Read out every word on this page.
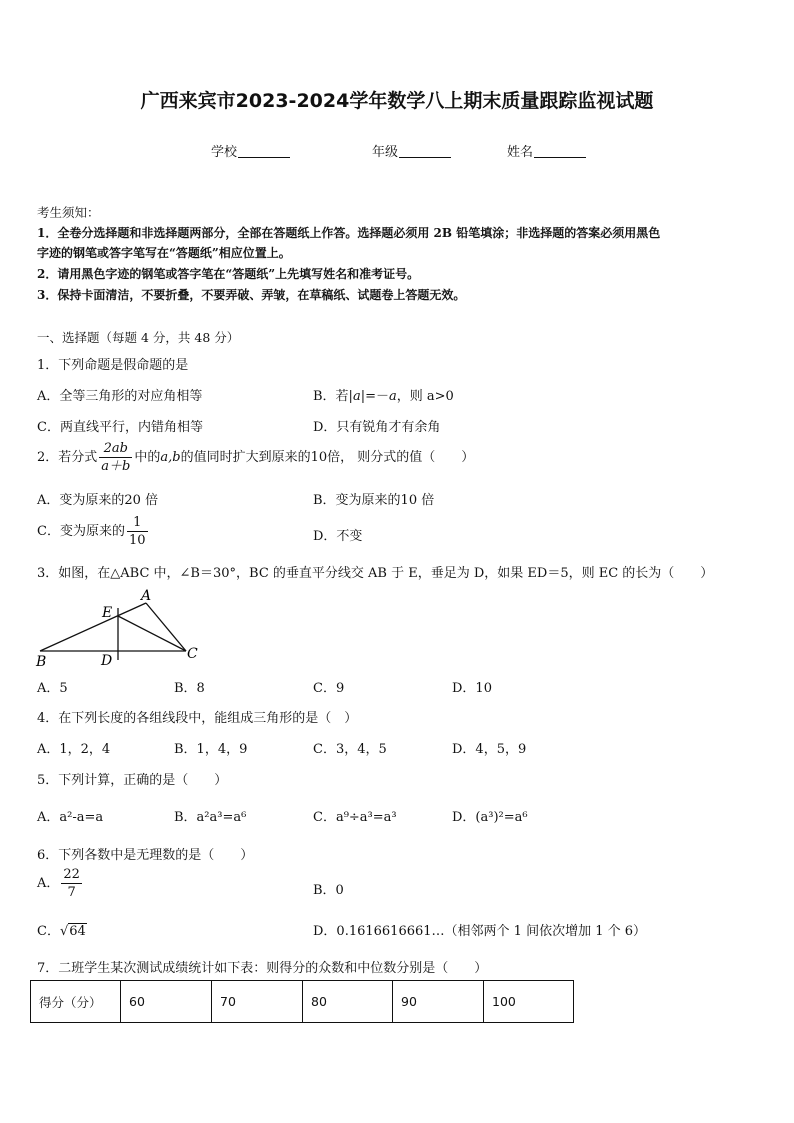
广西来宾市2023-2024学年数学八上期末质量跟踪监视试题
学校	年级	姓名
考生须知：
1．全卷分选择题和非选择题两部分，全部在答题纸上作答。选择题必须用 2B 铅笔填涂；非选择题的答案必须用黑色
字迹的钢笔或答字笔写在“答题纸”相应位置上。
2．请用黑色字迹的钢笔或答字笔在“答题纸”上先填写姓名和准考证号。
3．保持卡面清洁，不要折叠，不要弄破、弄皱，在草稿纸、试题卷上答题无效。
一、选择题（每题 4 分，共 48 分）
1．下列命题是假命题的是
A．全等三角形的对应角相等	B．若|a|=－a，则 a>0
C．两直线平行，内错角相等	D．只有锐角才有余角
2．若分式 $\frac{2ab}{a+b}$ 中的a,b的值同时扩大到原来的10倍， 则分式的值（　　）
A．变为原来的20 倍	B．变为原来的10 倍
C．变为原来的 $\frac{1}{10}$	D．不变
3．如图，在△ABC 中，∠B＝30°，BC 的垂直平分线交 AB 于 E，垂足为 D，如果 ED＝5，则 EC 的长为（　　）
A
E
B	D	C
A．5	B．8	C．9	D．10
4．在下列长度的各组线段中，能组成三角形的是（　）
A．1，2，4	B．1，4，9	C．3，4，5	D．4，5，9
5．下列计算，正确的是（　　）
A．a²-a=a	B．a²a³=a⁶	C．a⁹÷a³=a³	D．(a³)²=a⁶
6．下列各数中是无理数的是（　　）
A． $\frac{22}{7}$	B．0
C．√64	D．0.1616616661…（相邻两个 1 间依次增加 1 个 6）
7．二班学生某次测试成绩统计如下表：则得分的众数和中位数分别是（　　）
得分（分）	60	70	80	90	100
